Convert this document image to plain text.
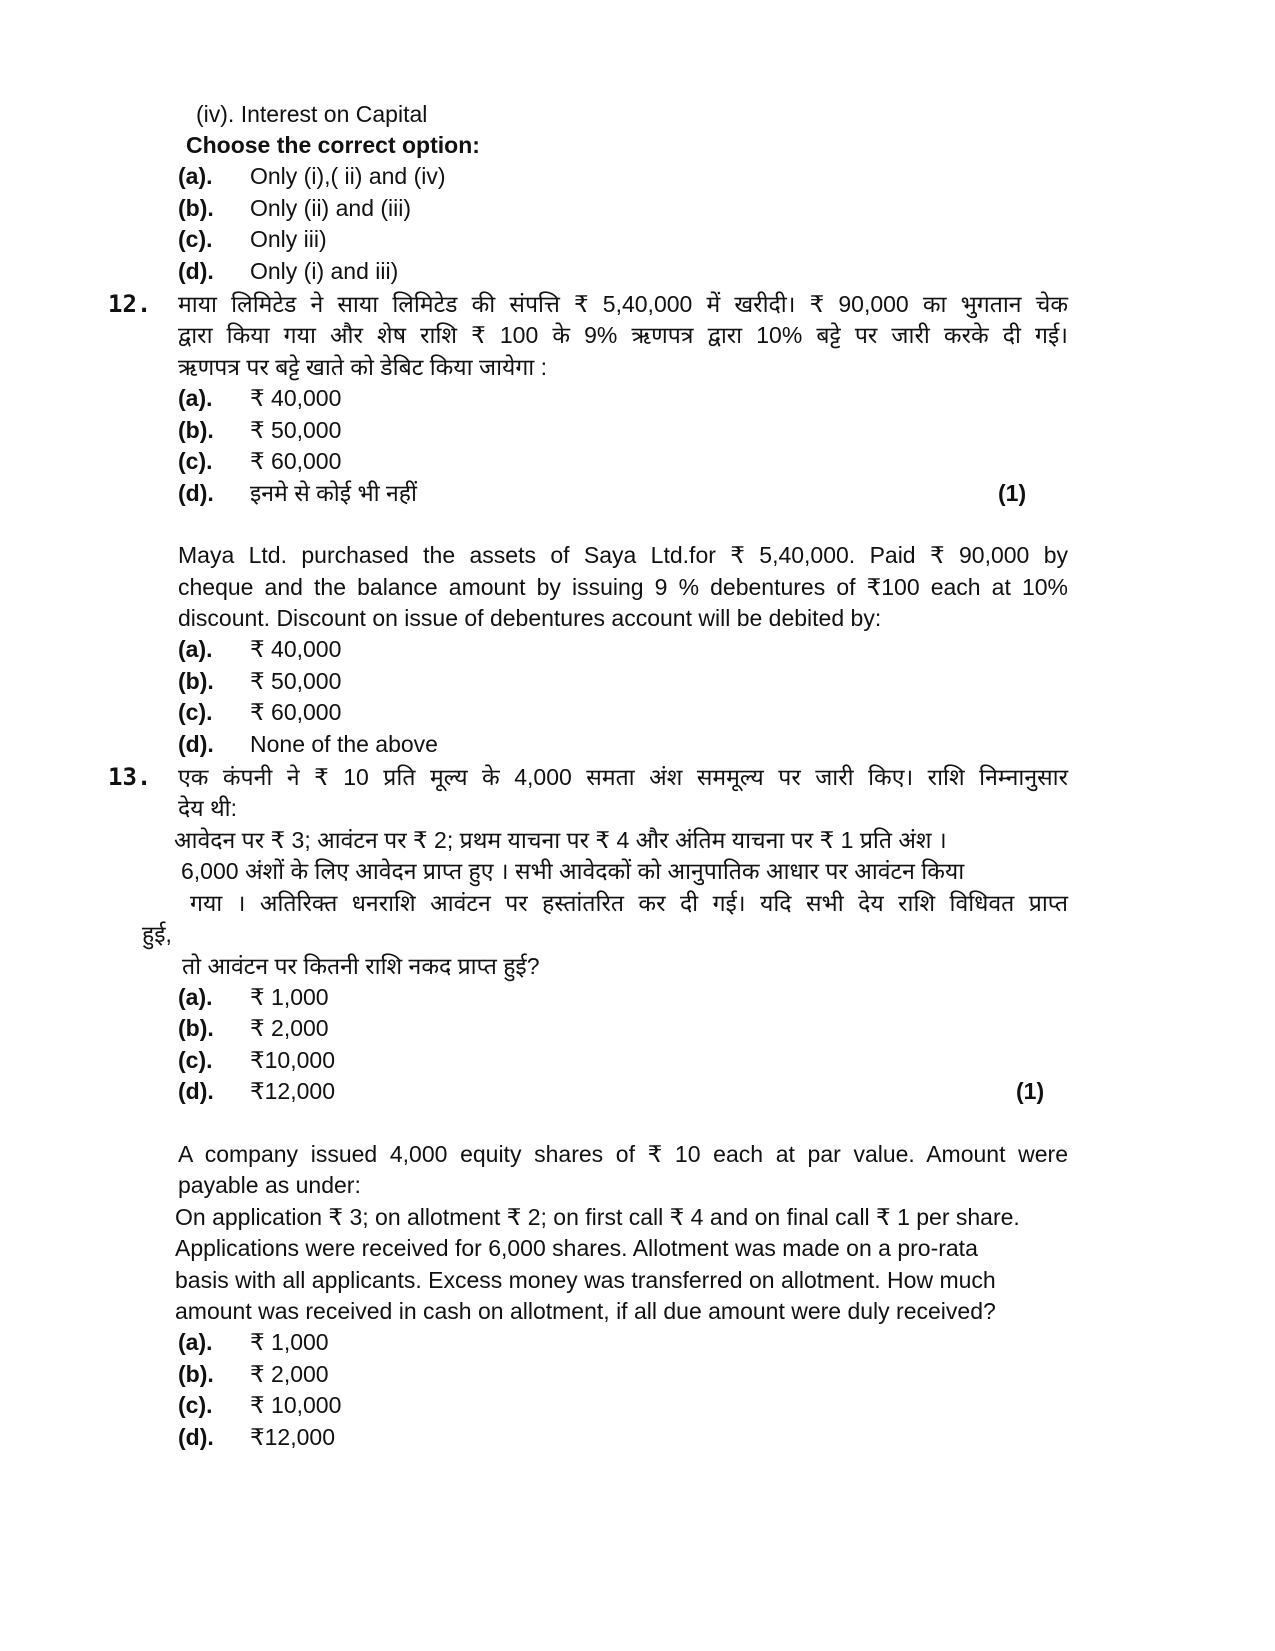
(iv). Interest on Capital
Choose the correct option:
(a). Only (i),( ii) and (iv)
(b). Only (ii) and (iii)
(c). Only iii)
(d). Only (i) and iii)
12. माया लिमिटेड ने साया लिमिटेड की संपत्ति ₹ 5,40,000 में खरीदी। ₹ 90,000 का भुगतान चेक
द्वारा किया गया और शेष राशि ₹ 100 के 9% ऋणपत्र द्वारा 10% बट्टे पर जारी करके दी गई।
ऋणपत्र पर बट्टे खाते को डेबिट किया जायेगा :
(a). ₹ 40,000
(b). ₹ 50,000
(c). ₹ 60,000
(d). इनमे से कोई भी नहीं	(1)
Maya Ltd. purchased the assets of Saya Ltd.for ₹ 5,40,000. Paid ₹ 90,000 by
cheque and the balance amount by issuing 9 % debentures of ₹100 each at 10%
discount. Discount on issue of debentures account will be debited by:
(a). ₹ 40,000
(b). ₹ 50,000
(c). ₹ 60,000
(d). None of the above
13. एक कंपनी ने ₹ 10 प्रति मूल्य के 4,000 समता अंश सममूल्य पर जारी किए। राशि निम्नानुसार
देय थी:
आवेदन पर ₹ 3; आवंटन पर ₹ 2; प्रथम याचना पर ₹ 4 और अंतिम याचना पर ₹ 1 प्रति अंश ।
6,000 अंशों के लिए आवेदन प्राप्त हुए । सभी आवेदकों को आनुपातिक आधार पर आवंटन किया
गया । अतिरिक्त धनराशि आवंटन पर हस्तांतरित कर दी गई। यदि सभी देय राशि विधिवत प्राप्त
हुई,
तो आवंटन पर कितनी राशि नकद प्राप्त हुई?
(a). ₹ 1,000
(b). ₹ 2,000
(c). ₹10,000
(d). ₹12,000	(1)
A company issued 4,000 equity shares of ₹ 10 each at par value. Amount were
payable as under:
On application ₹ 3; on allotment ₹ 2; on first call ₹ 4 and on final call ₹ 1 per share.
Applications were received for 6,000 shares. Allotment was made on a pro-rata
basis with all applicants. Excess money was transferred on allotment. How much
amount was received in cash on allotment, if all due amount were duly received?
(a). ₹ 1,000
(b). ₹ 2,000
(c). ₹ 10,000
(d). ₹12,000
